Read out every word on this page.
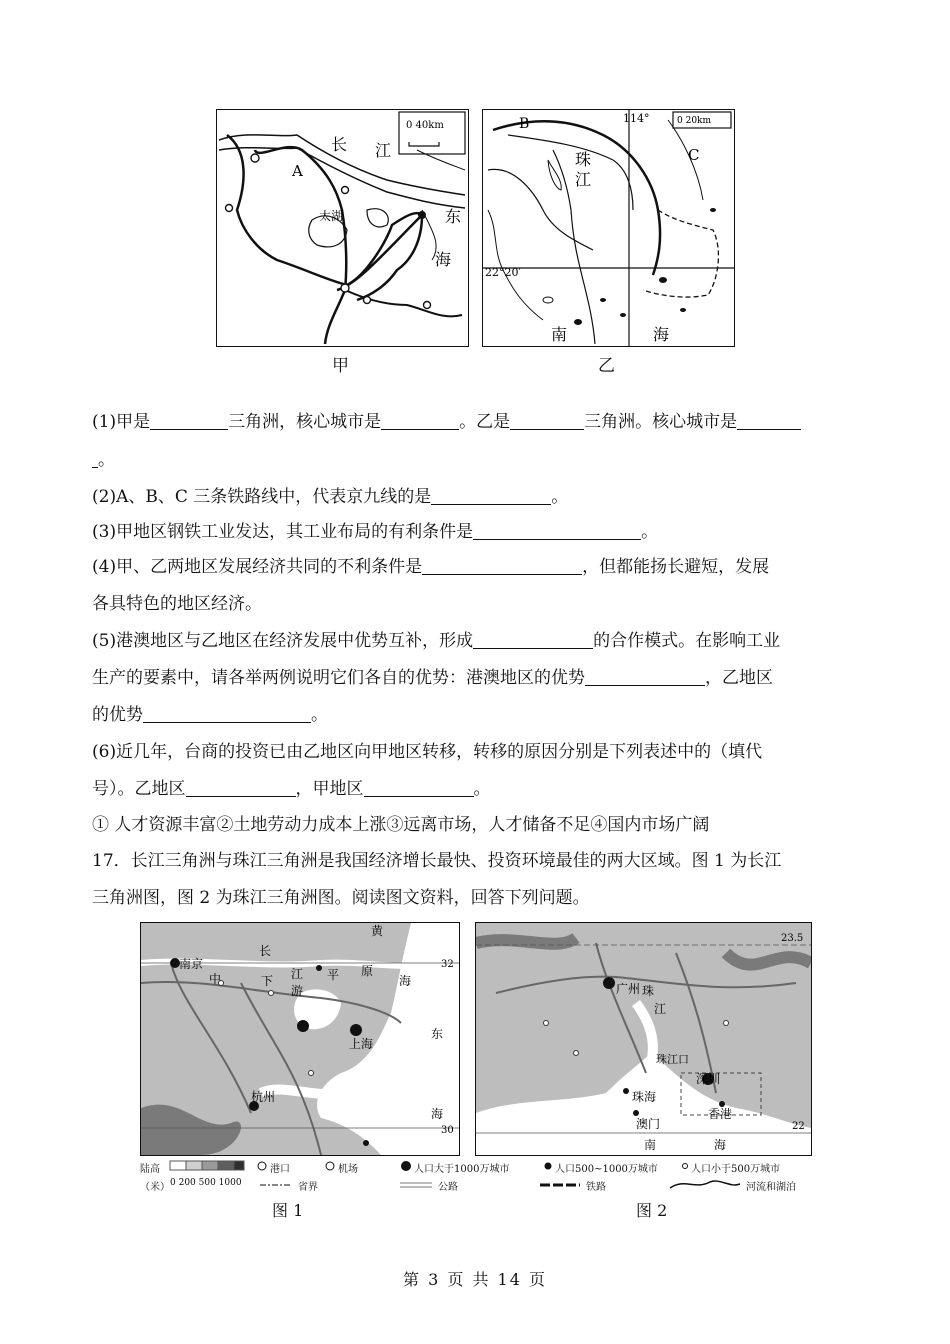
0 40km
A
长 江
东
海
太湖
甲
0 20km
B
C
114°
22°20′
珠
江
南	海
乙
(1)甲是	三角洲，核心城市是	。乙是	三角洲。核心城市是
。
(2)A、B、C 三条铁路线中，代表京九线的是	。
(3)甲地区钢铁工业发达，其工业布局的有利条件是	。
(4)甲、乙两地区发展经济共同的不利条件是	，但都能扬长避短，发展
各具特色的地区经济。
(5)港澳地区与乙地区在经济发展中优势互补，形成	的合作模式。在影响工业
生产的要素中，请各举两例说明它们各自的优势：港澳地区的优势	，乙地区
的优势	。
(6)近几年，台商的投资已由乙地区向甲地区转移，转移的原因分别是下列表述中的（填代
号）。乙地区	，甲地区	。
① 人才资源丰富②土地劳动力成本上涨③远离市场，人才储备不足④国内市场广阔
17．长江三角洲与珠江三角洲是我国经济增长最快、投资环境最佳的两大区域。图 1 为长江
三角洲图，图 2 为珠江三角洲图。阅读图文资料，回答下列问题。
南京
杭州
上海
黄
海
东
海
长
江
中	下
游
平 原	32
30
广州
深圳
香港
澳门
珠海
珠
江
珠江口
南	海
23.5
22
陆高
（米） 0 200 500 1000
港口	机场	人口大于1000万城市	人口500~1000万城市	人口小于500万城市
省界	公路	铁路	河流和湖泊
图 1	图 2
第 3 页 共 14 页
